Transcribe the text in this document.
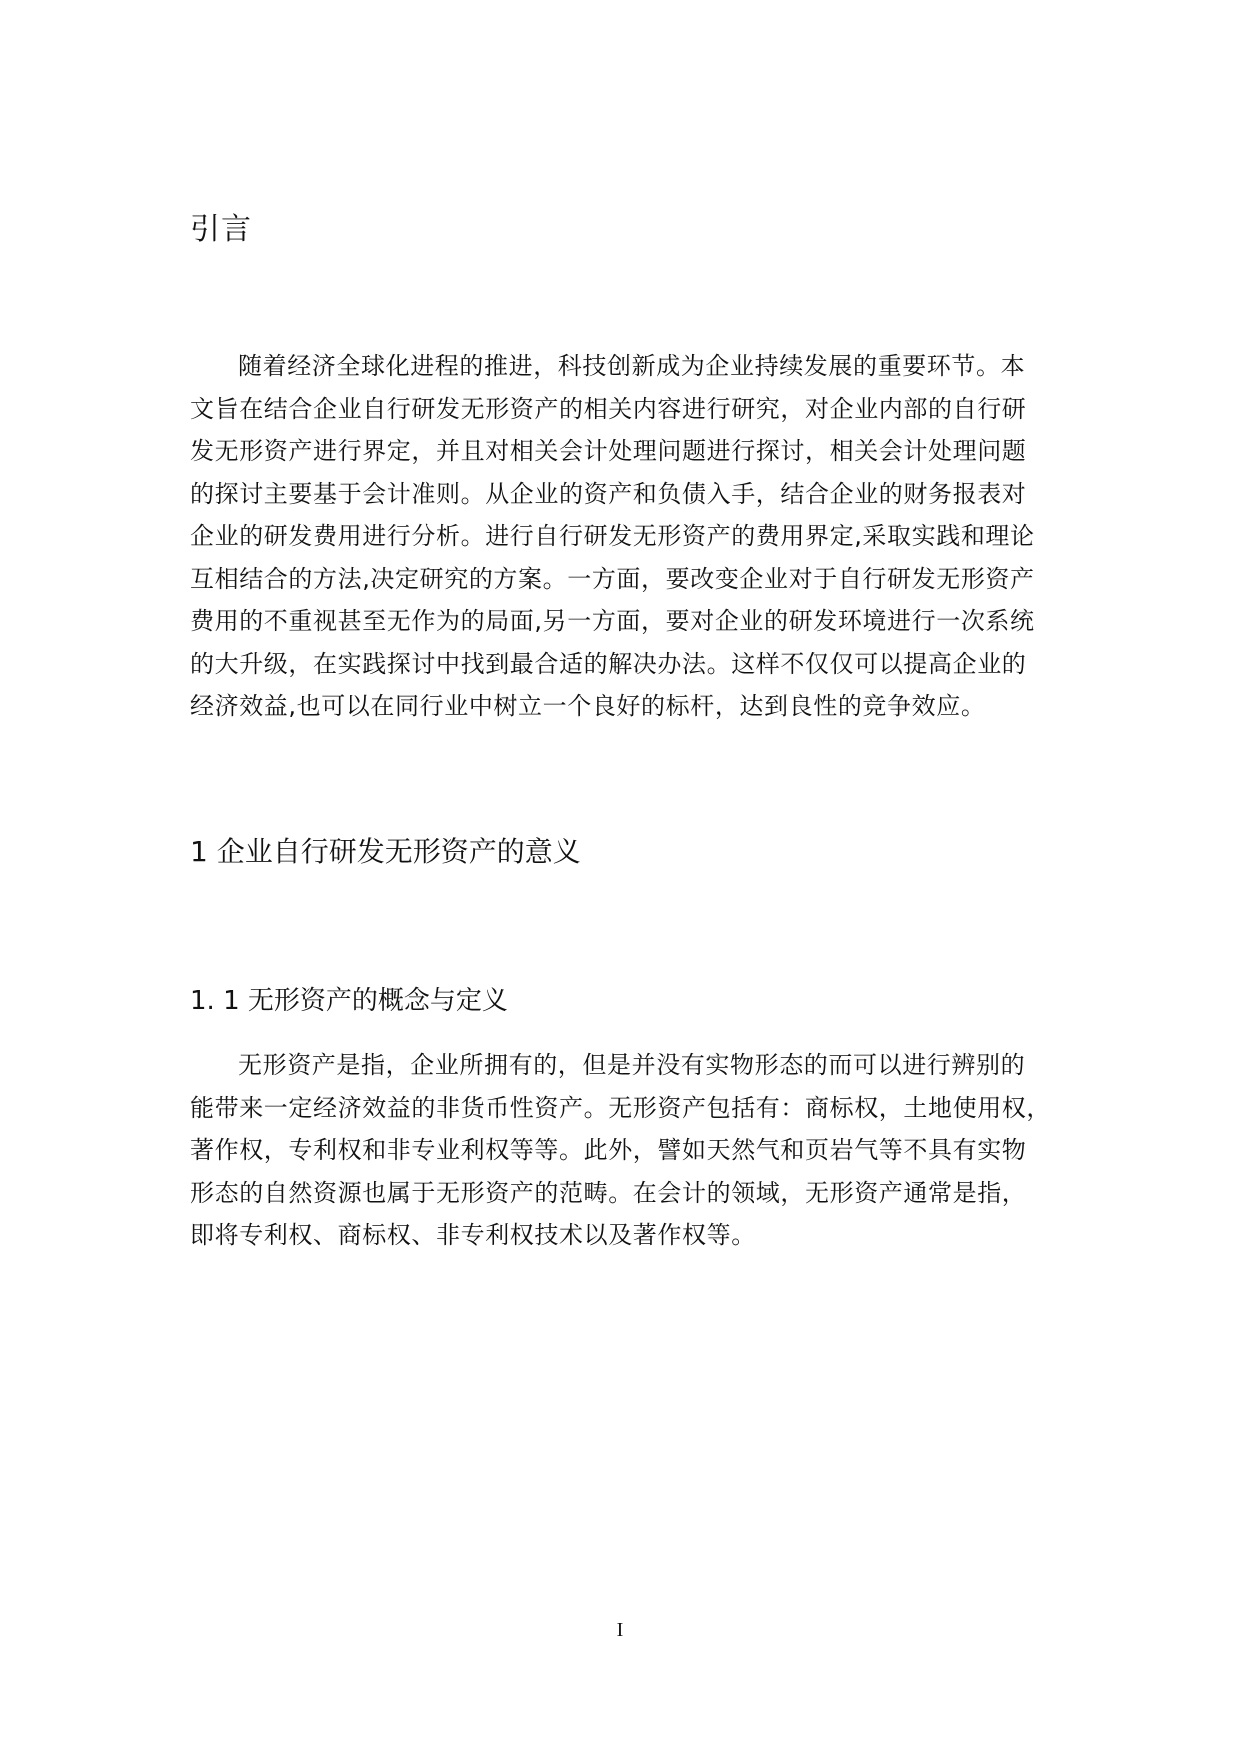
引言
随着经济全球化进程的推进，科技创新成为企业持续发展的重要环节。本
文旨在结合企业自行研发无形资产的相关内容进行研究，对企业内部的自行研
发无形资产进行界定，并且对相关会计处理问题进行探讨，相关会计处理问题
的探讨主要基于会计准则。从企业的资产和负债入手，结合企业的财务报表对
企业的研发费用进行分析。进行自行研发无形资产的费用界定,采取实践和理论
互相结合的方法,决定研究的方案。一方面，要改变企业对于自行研发无形资产
费用的不重视甚至无作为的局面,另一方面，要对企业的研发环境进行一次系统
的大升级，在实践探讨中找到最合适的解决办法。这样不仅仅可以提高企业的
经济效益,也可以在同行业中树立一个良好的标杆，达到良性的竞争效应。
1 企业自行研发无形资产的意义
1. 1 无形资产的概念与定义
无形资产是指，企业所拥有的，但是并没有实物形态的而可以进行辨别的
能带来一定经济效益的非货币性资产。无形资产包括有：商标权，土地使用权，
著作权，专利权和非专业利权等等。此外，譬如天然气和页岩气等不具有实物
形态的自然资源也属于无形资产的范畴。在会计的领域，无形资产通常是指，
即将专利权、商标权、非专利权技术以及著作权等。
I
